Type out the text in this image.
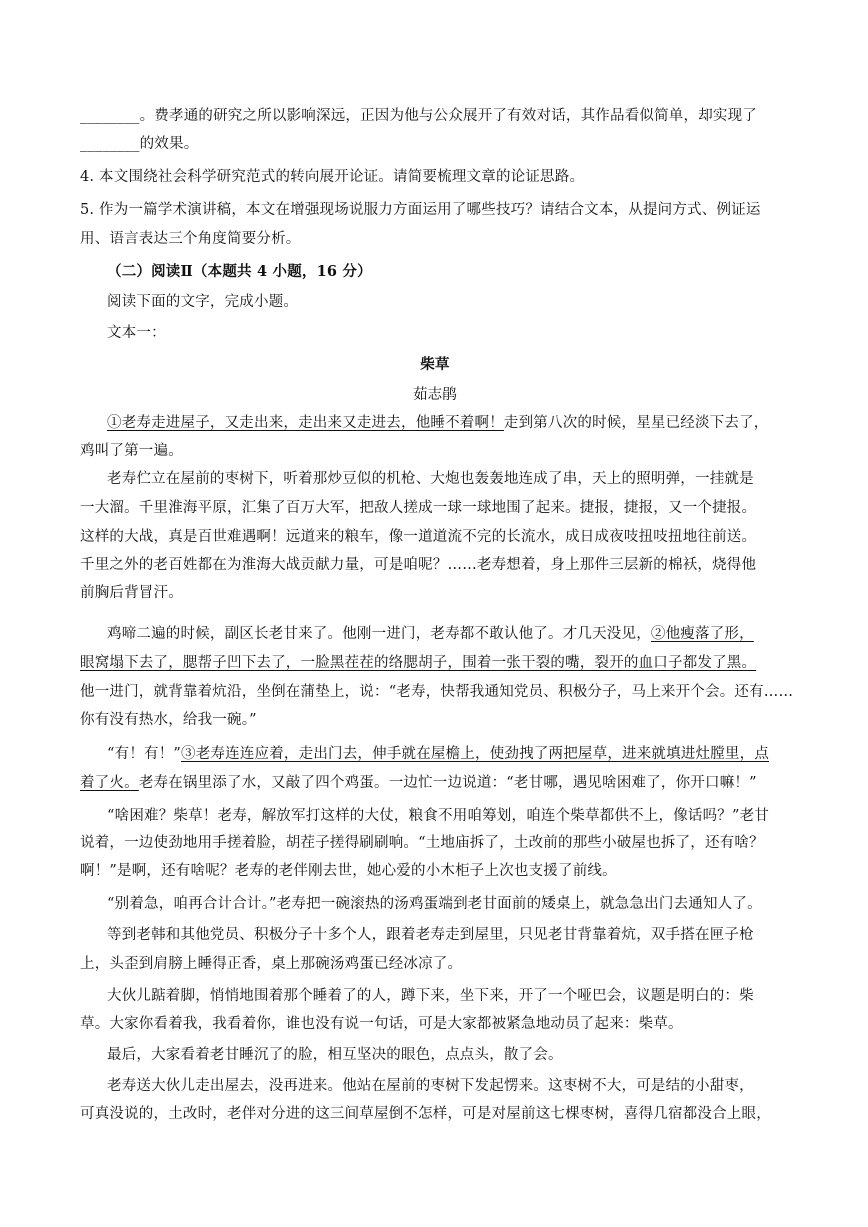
________。费孝通的研究之所以影响深远，正因为他与公众展开了有效对话，其作品看似简单，却实现了
________的效果。
4. 本文围绕社会科学研究范式的转向展开论证。请简要梳理文章的论证思路。
5. 作为一篇学术演讲稿，本文在增强现场说服力方面运用了哪些技巧？请结合文本，从提问方式、例证运
用、语言表达三个角度简要分析。
（二）阅读Ⅱ（本题共 4 小题，16 分）
阅读下面的文字，完成小题。
文本一：
柴草
茹志鹃
①老寿走进屋子，又走出来，走出来又走进去，他睡不着啊！走到第八次的时候，星星已经淡下去了，
鸡叫了第一遍。
老寿伫立在屋前的枣树下，听着那炒豆似的机枪、大炮也轰轰地连成了串，天上的照明弹，一挂就是
一大溜。千里淮海平原，汇集了百万大军，把敌人搓成一球一球地围了起来。捷报，捷报，又一个捷报。
这样的大战，真是百世难遇啊！远道来的粮车，像一道道流不完的长流水，成日成夜吱扭吱扭地往前送。
千里之外的老百姓都在为淮海大战贡献力量，可是咱呢？……老寿想着，身上那件三层新的棉袄，烧得他
前胸后背冒汗。
鸡啼二遍的时候，副区长老甘来了。他刚一进门，老寿都不敢认他了。才几天没见，②他瘦落了形，
眼窝塌下去了，腮帮子凹下去了，一脸黑茬茬的络腮胡子，围着一张干裂的嘴，裂开的血口子都发了黑。
他一进门，就背靠着炕沿，坐倒在蒲垫上，说：“老寿，快帮我通知党员、积极分子，马上来开个会。还有……
你有没有热水，给我一碗。”
“有！有！”③老寿连连应着，走出门去，伸手就在屋檐上，使劲拽了两把屋草，进来就填进灶膛里，点
着了火。老寿在锅里添了水，又敲了四个鸡蛋。一边忙一边说道：“老甘哪，遇见啥困难了，你开口嘛！”
“啥困难？柴草！老寿，解放军打这样的大仗，粮食不用咱筹划，咱连个柴草都供不上，像话吗？”老甘
说着，一边使劲地用手搓着脸，胡茬子搓得刷刷响。“土地庙拆了，土改前的那些小破屋也拆了，还有啥？
啊！”是啊，还有啥呢？老寿的老伴刚去世，她心爱的小木柜子上次也支援了前线。
“别着急，咱再合计合计。”老寿把一碗滚热的汤鸡蛋端到老甘面前的矮桌上，就急急出门去通知人了。
等到老韩和其他党员、积极分子十多个人，跟着老寿走到屋里，只见老甘背靠着炕，双手搭在匣子枪
上，头歪到肩膀上睡得正香，桌上那碗汤鸡蛋已经冰凉了。
大伙儿踮着脚，悄悄地围着那个睡着了的人，蹲下来，坐下来，开了一个哑巴会，议题是明白的：柴
草。大家你看着我，我看着你，谁也没有说一句话，可是大家都被紧急地动员了起来：柴草。
最后，大家看着老甘睡沉了的脸，相互坚决的眼色，点点头，散了会。
老寿送大伙儿走出屋去，没再进来。他站在屋前的枣树下发起愣来。这枣树不大，可是结的小甜枣，
可真没说的，土改时，老伴对分进的这三间草屋倒不怎样，可是对屋前这七棵枣树，喜得几宿都没合上眼，
